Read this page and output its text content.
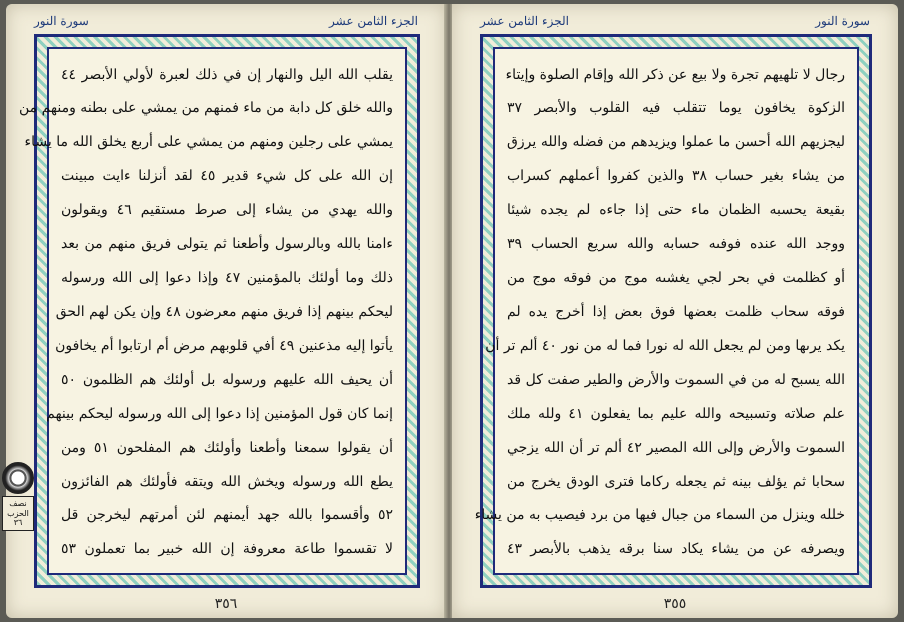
الجزء الثامن عشر
سورة النور
يقلب الله اليل والنهار إن في ذلك لعبرة لأولي الأبصر ٤٤
والله خلق كل دابة من ماء فمنهم من يمشي على بطنه ومنهم من
يمشي على رجلين ومنهم من يمشي على أربع يخلق الله ما يشاء
إن الله على كل شيء قدير ٤٥ لقد أنزلنا ءايت مبينت
والله يهدي من يشاء إلى صرط مستقيم ٤٦ ويقولون
ءامنا بالله وبالرسول وأطعنا ثم يتولى فريق منهم من بعد
ذلك وما أولئك بالمؤمنين ٤٧ وإذا دعوا إلى الله ورسوله
ليحكم بينهم إذا فريق منهم معرضون ٤٨ وإن يكن لهم الحق
يأتوا إليه مذعنين ٤٩ أفي قلوبهم مرض أم ارتابوا أم يخافون
أن يحيف الله عليهم ورسوله بل أولئك هم الظلمون ٥٠
إنما كان قول المؤمنين إذا دعوا إلى الله ورسوله ليحكم بينهم
أن يقولوا سمعنا وأطعنا وأولئك هم المفلحون ٥١ ومن
يطع الله ورسوله ويخش الله ويتقه فأولئك هم الفائزون
٥٢ وأقسموا بالله جهد أيمنهم لئن أمرتهم ليخرجن قل
لا تقسموا طاعة معروفة إن الله خبير بما تعملون ٥٣
٣٥٦
سورة النور
الجزء الثامن عشر
رجال لا تلهيهم تجرة ولا بيع عن ذكر الله وإقام الصلوة وإيتاء
الزكوة يخافون يوما تتقلب فيه القلوب والأبصر ٣٧
ليجزيهم الله أحسن ما عملوا ويزيدهم من فضله والله يرزق
من يشاء بغير حساب ٣٨ والذين كفروا أعملهم كسراب
بقيعة يحسبه الظمان ماء حتى إذا جاءه لم يجده شيئا
ووجد الله عنده فوفىه حسابه والله سريع الحساب ٣٩
أو كظلمت في بحر لجي يغشىه موج من فوقه موج من
فوقه سحاب ظلمت بعضها فوق بعض إذا أخرج يده لم
يكد يرىها ومن لم يجعل الله له نورا فما له من نور ٤٠ ألم تر أن
الله يسبح له من في السموت والأرض والطير صفت كل قد
علم صلاته وتسبيحه والله عليم بما يفعلون ٤١ ولله ملك
السموت والأرض وإلى الله المصير ٤٢ ألم تر أن الله يزجي
سحابا ثم يؤلف بينه ثم يجعله ركاما فترى الودق يخرج من
خلله وينزل من السماء من جبال فيها من برد فيصيب به من يشاء
ويصرفه عن من يشاء يكاد سنا برقه يذهب بالأبصر ٤٣
٣٥٥
نصف الحزب
٣٦
